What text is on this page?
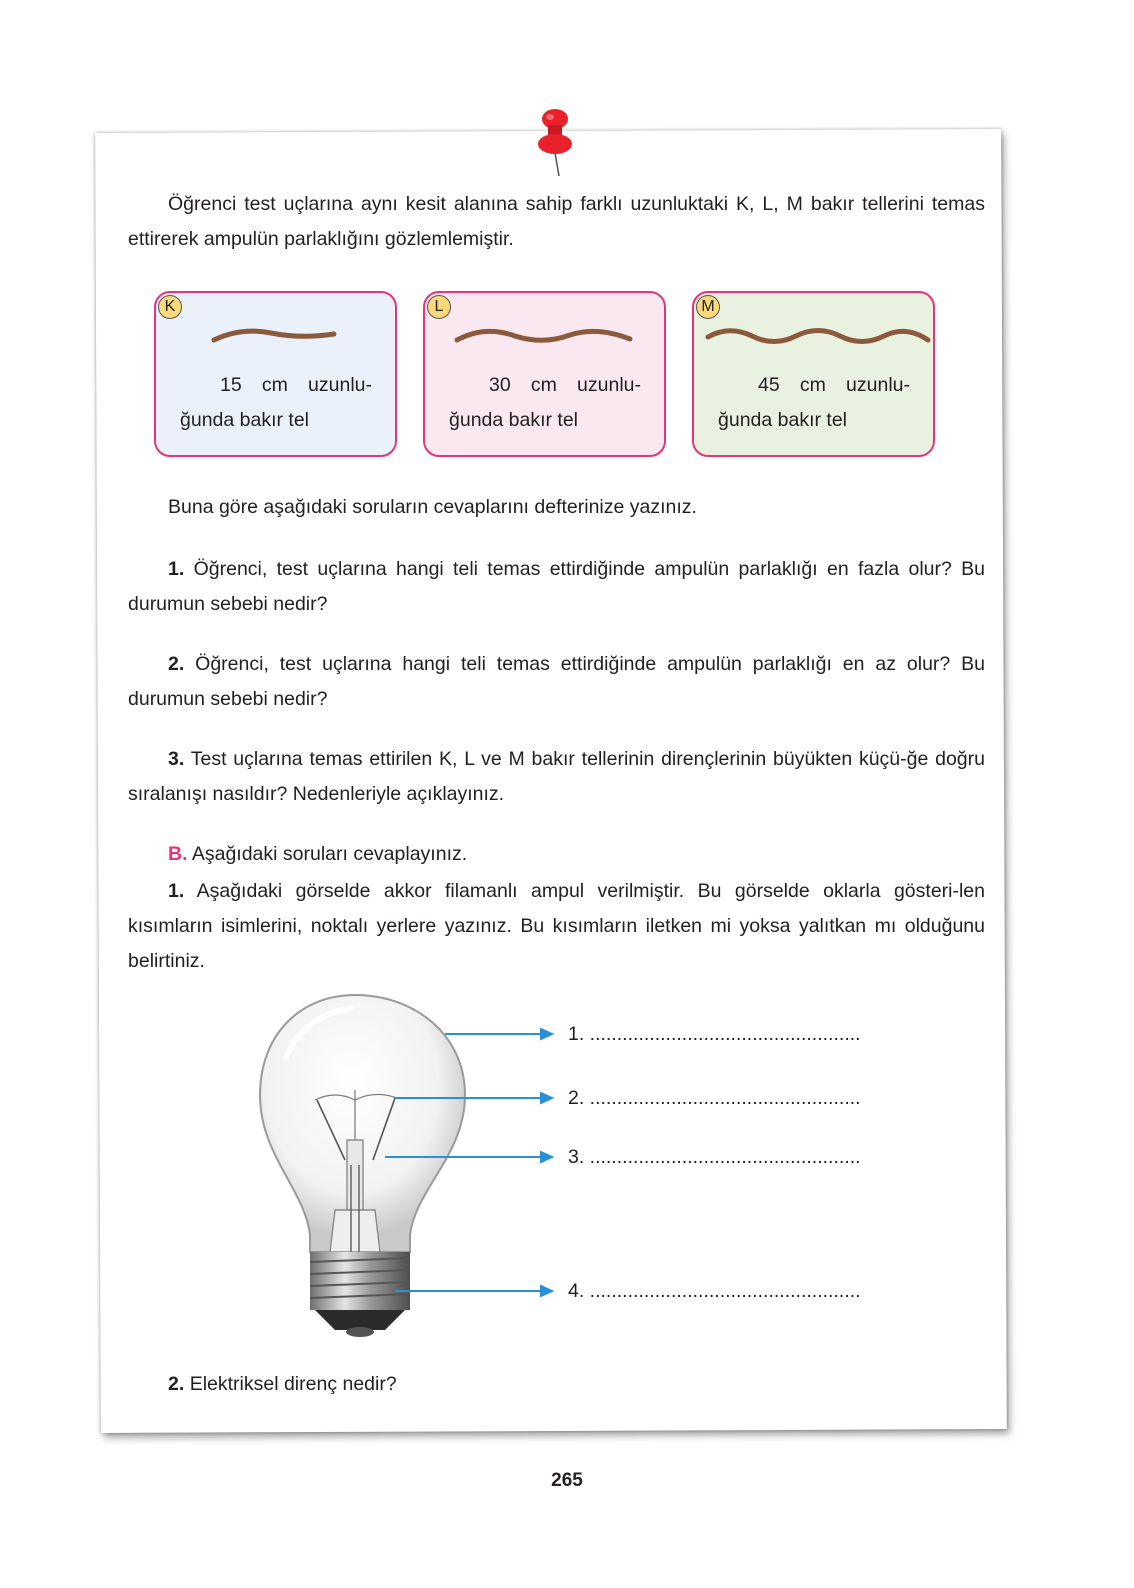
Öğrenci test uçlarına aynı kesit alanına sahip farklı uzunluktaki K, L, M bakır tellerini temas ettirerek ampulün parlaklığını gözlemlemiştir.

K
15 cm uzunlu-
ğunda bakır tel
L
30 cm uzunlu-
ğunda bakır tel
M
45 cm uzunlu-
ğunda bakır tel

Buna göre aşağıdaki soruların cevaplarını defterinize yazınız.

1. Öğrenci, test uçlarına hangi teli temas ettirdiğinde ampulün parlaklığı en fazla olur? Bu durumun sebebi nedir?

2. Öğrenci, test uçlarına hangi teli temas ettirdiğinde ampulün parlaklığı en az olur? Bu durumun sebebi nedir?

3. Test uçlarına temas ettirilen K, L ve M bakır tellerinin dirençlerinin büyükten küçü-ğe doğru sıralanışı nasıldır? Nedenleriyle açıklayınız.

B. Aşağıdaki soruları cevaplayınız.

1. Aşağıdaki görselde akkor filamanlı ampul verilmiştir. Bu görselde oklarla gösteri-len kısımların isimlerini, noktalı yerlere yazınız. Bu kısımların iletken mi yoksa yalıtkan mı olduğunu belirtiniz.

1. ..................................................
2. ..................................................
3. ..................................................
4. ..................................................

2. Elektriksel direnç nedir?

265
